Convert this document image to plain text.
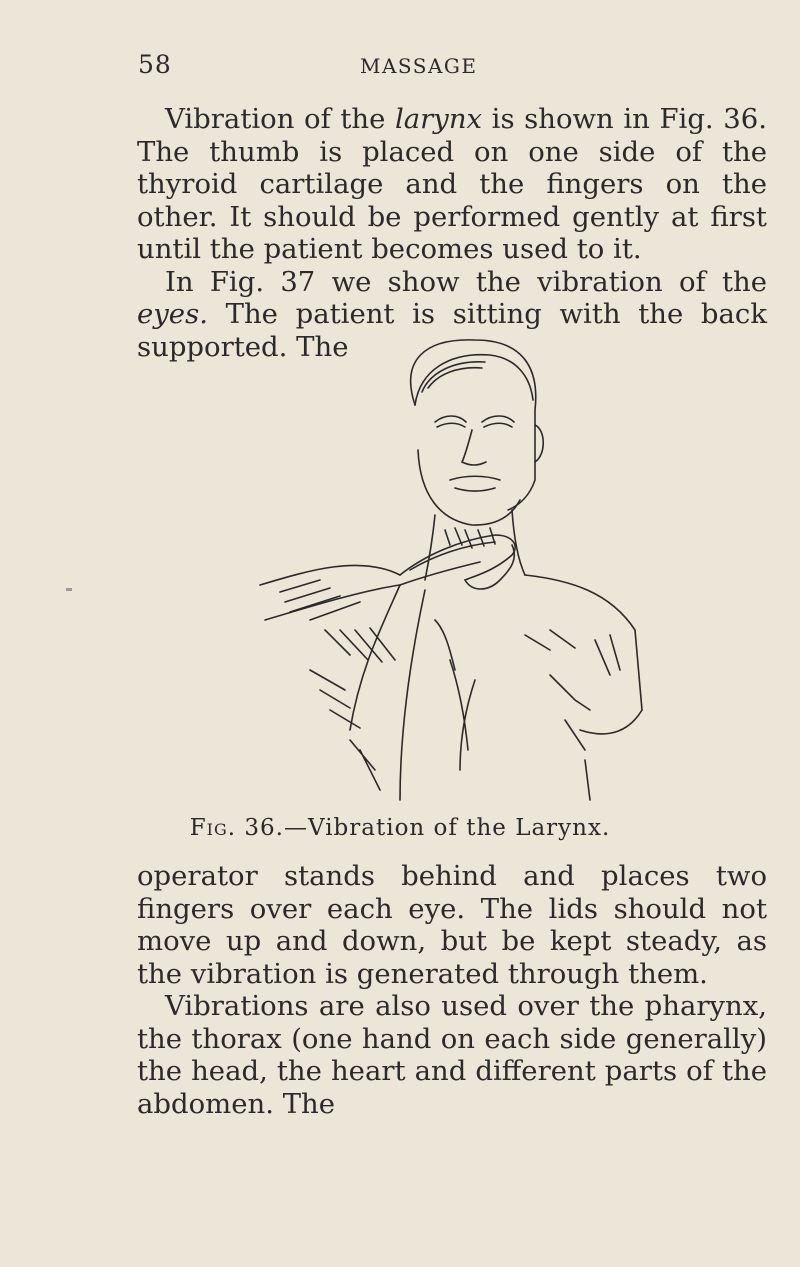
58	MASSAGE

Vibration of the larynx is shown in Fig. 36. The thumb is placed on one side of the thyroid cartilage and the fingers on the other. It should be performed gently at first until the patient becomes used to it.

In Fig. 37 we show the vibration of the eyes. The patient is sitting with the back supported. The

Fig. 36.—Vibration of the Larynx.

operator stands behind and places two fingers over each eye. The lids should not move up and down, but be kept steady, as the vibration is generated through them.

Vibrations are also used over the pharynx, the thorax (one hand on each side generally) the head, the heart and different parts of the abdomen. The
